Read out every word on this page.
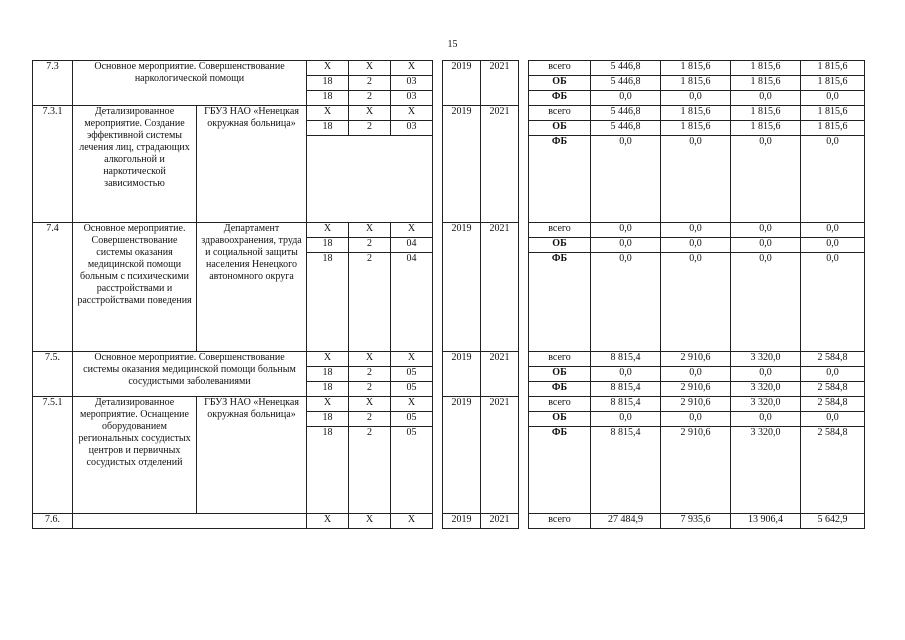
15
7.3	Основное мероприятие. Совершенствование наркологической помощи		Х	Х	Х		2019	2021		всего	5 446,8	1 815,6	1 815,6	1 815,6
			18	2	03					ОБ	5 446,8	1 815,6	1 815,6	1 815,6
			18	2	03					ФБ	0,0	0,0	0,0	0,0
7.3.1	Детализированное мероприятие. Создание эффективной системы лечения лиц, страдающих алкогольной и наркотической зависимостью	ГБУЗ НАО «Ненецкая окружная больница»	Х	Х	Х		2019	2021		всего	5 446,8	1 815,6	1 815,6	1 815,6
			18	2	03					ОБ	5 446,8	1 815,6	1 815,6	1 815,6
										ФБ	0,0	0,0	0,0	0,0
7.4	Основное мероприятие. Совершенствование системы оказания медицинской помощи больным с психическими расстройствами и расстройствами поведения	Департамент здравоохранения, труда и социальной защиты населения Ненецкого автономного округа	Х	Х	Х		2019	2021		всего	0,0	0,0	0,0	0,0
			18	2	04					ОБ	0,0	0,0	0,0	0,0
			18	2	04					ФБ	0,0	0,0	0,0	0,0
7.5.	Основное мероприятие. Совершенствование системы оказания медицинской помощи больным сосудистыми заболеваниями		Х	Х	Х		2019	2021		всего	8 815,4	2 910,6	3 320,0	2 584,8
			18	2	05					ОБ	0,0	0,0	0,0	0,0
			18	2	05					ФБ	8 815,4	2 910,6	3 320,0	2 584,8
7.5.1	Детализированное мероприятие. Оснащение оборудованием региональных сосудистых центров и первичных сосудистых отделений	ГБУЗ НАО «Ненецкая окружная больница»	Х	Х	Х		2019	2021		всего	8 815,4	2 910,6	3 320,0	2 584,8
			18	2	05					ОБ	0,0	0,0	0,0	0,0
			18	2	05					ФБ	8 815,4	2 910,6	3 320,0	2 584,8
7.6.			Х	Х	Х		2019	2021		всего	27 484,9	7 935,6	13 906,4	5 642,9
